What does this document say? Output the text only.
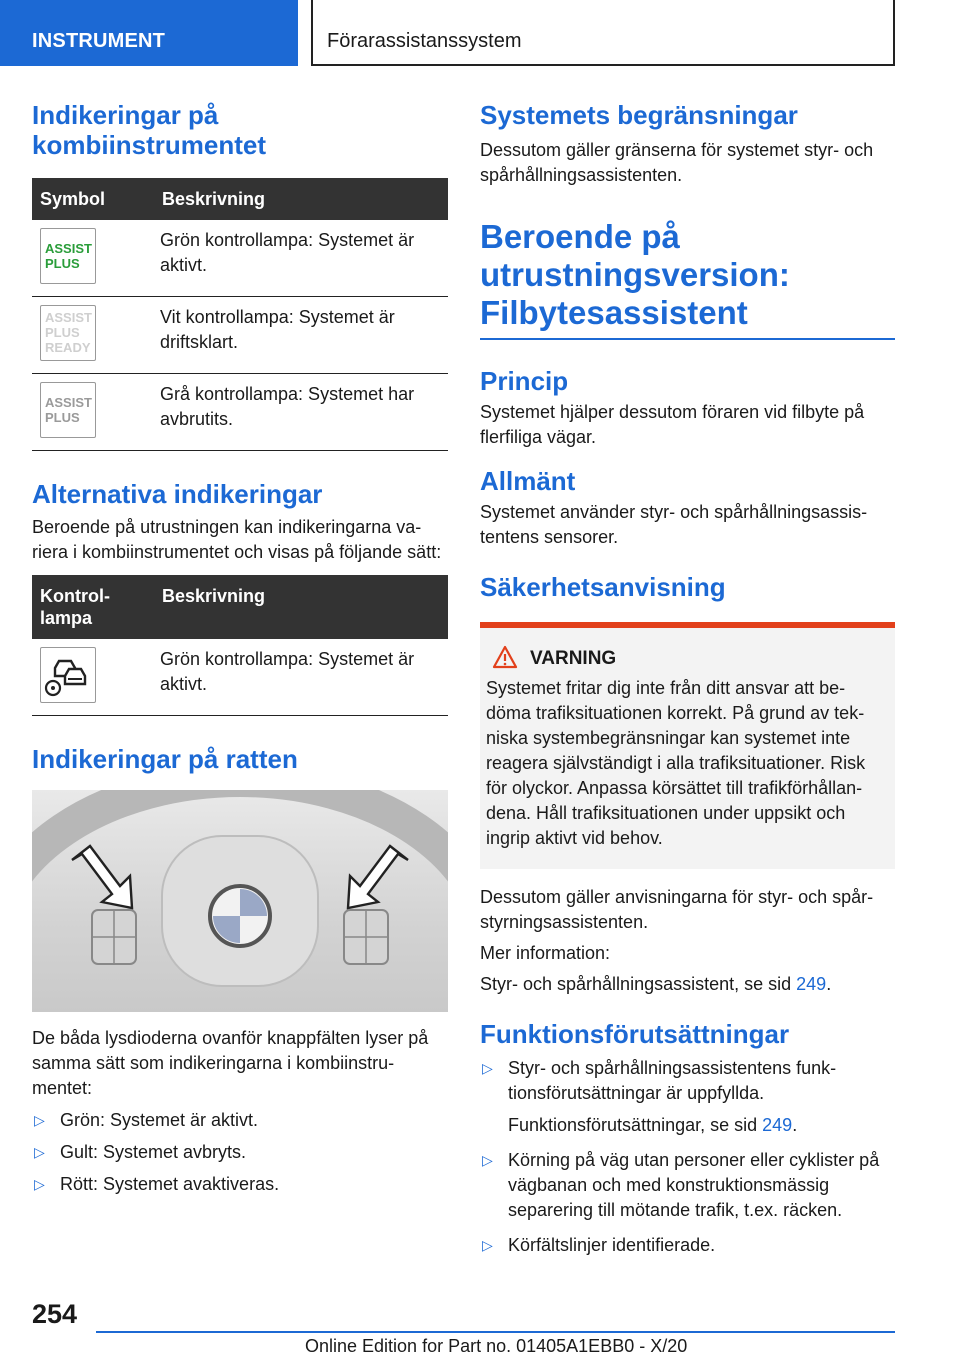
INSTRUMENT	Förarassistanssystem
Indikeringar på kombiinstrumentet
Symbol	Beskrivning

ASSIST
PLUS	Grön kontrollampa: Systemet är aktivt.

ASSIST
PLUS
READY	Vit kontrollampa: Systemet är driftsklart.

ASSIST
PLUS	Grå kontrollampa: Systemet har avbrutits.
Alternativa indikeringar

Beroende på utrustningen kan indikeringarna va-riera i kombiinstrumentet och visas på följande sätt:

Kontrol-
lampa	Beskrivning

	Grön kontrollampa: Systemet är aktivt.
Indikeringar på ratten

De båda lysdioderna ovanför knappfälten lyser på samma sätt som indikeringarna i kombiinstru-mentet:

▷ Grön: Systemet är aktivt.
▷ Gult: Systemet avbryts.
▷ Rött: Systemet avaktiveras.
Systemets begränsningar

Dessutom gäller gränserna för systemet styr- och spårhållningsassistenten.

Beroende på
utrustningsversion:
Filbytesassistent
Princip

Systemet hjälper dessutom föraren vid filbyte på flerfiliga vägar.

Allmänt

Systemet använder styr- och spårhållningsassis-tentens sensorer.

Säkerhetsanvisning
VARNING

Systemet fritar dig inte från ditt ansvar att be-döma trafiksituationen korrekt. På grund av tek-niska systembegränsningar kan systemet inte reagera självständigt i alla trafiksituationer. Risk för olyckor. Anpassa körsättet till trafikförhållan-dena. Håll trafiksituationen under uppsikt och ingrip aktivt vid behov.

Dessutom gäller anvisningarna för styr- och spår-styrningsassistenten.

Mer information:

Styr- och spårhållningsassistent, se sid 249.

Funktionsförutsättningar
▷ Styr- och spårhållningsassistentens funk-tionsförutsättningar är uppfyllda.
Funktionsförutsättningar, se sid 249.
▷ Körning på väg utan personer eller cyklister på vägbanan och med konstruktionsmässig separering till mötande trafik, t.ex. räcken.
▷ Körfältslinjer identifierade.
254
Online Edition for Part no. 01405A1EBB0 - X/20
